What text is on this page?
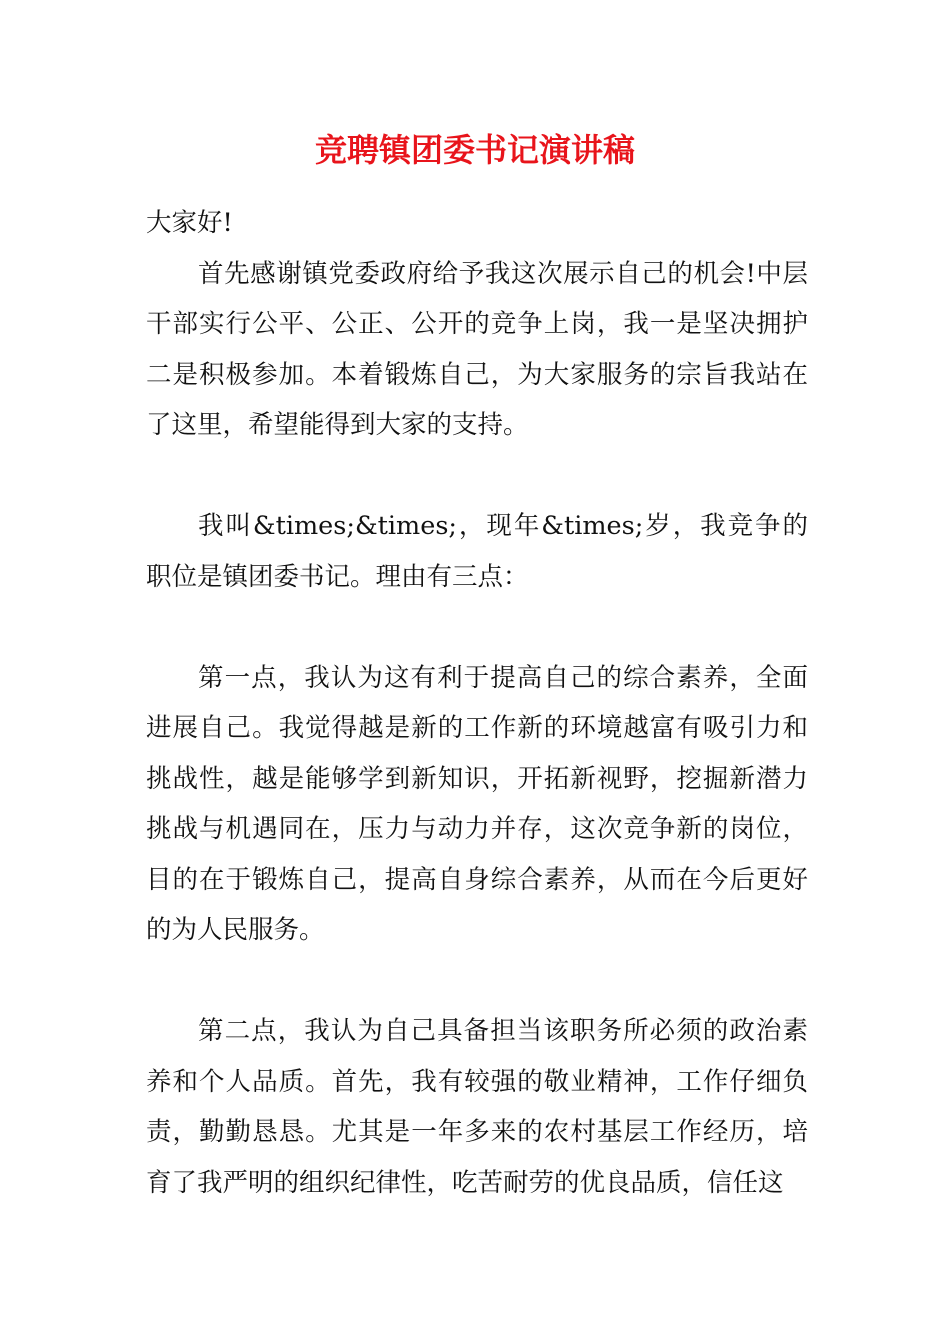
竞聘镇团委书记演讲稿

大家好!

首先感谢镇党委政府给予我这次展示自己的机会!中层干部实行公平、公正、公开的竞争上岗，我一是坚决拥护二是积极参加。本着锻炼自己，为大家服务的宗旨我站在了这里，希望能得到大家的支持。

我叫&times;&times;，现年&times;岁，我竞争的职位是镇团委书记。理由有三点：

第一点，我认为这有利于提高自己的综合素养，全面进展自己。我觉得越是新的工作新的环境越富有吸引力和挑战性，越是能够学到新知识，开拓新视野，挖掘新潜力挑战与机遇同在，压力与动力并存，这次竞争新的岗位，目的在于锻炼自己，提高自身综合素养，从而在今后更好的为人民服务。

第二点，我认为自己具备担当该职务所必须的政治素养和个人品质。首先，我有较强的敬业精神，工作仔细负责，勤勤恳恳。尤其是一年多来的农村基层工作经历，培育了我严明的组织纪律性，吃苦耐劳的优良品质，信任这
